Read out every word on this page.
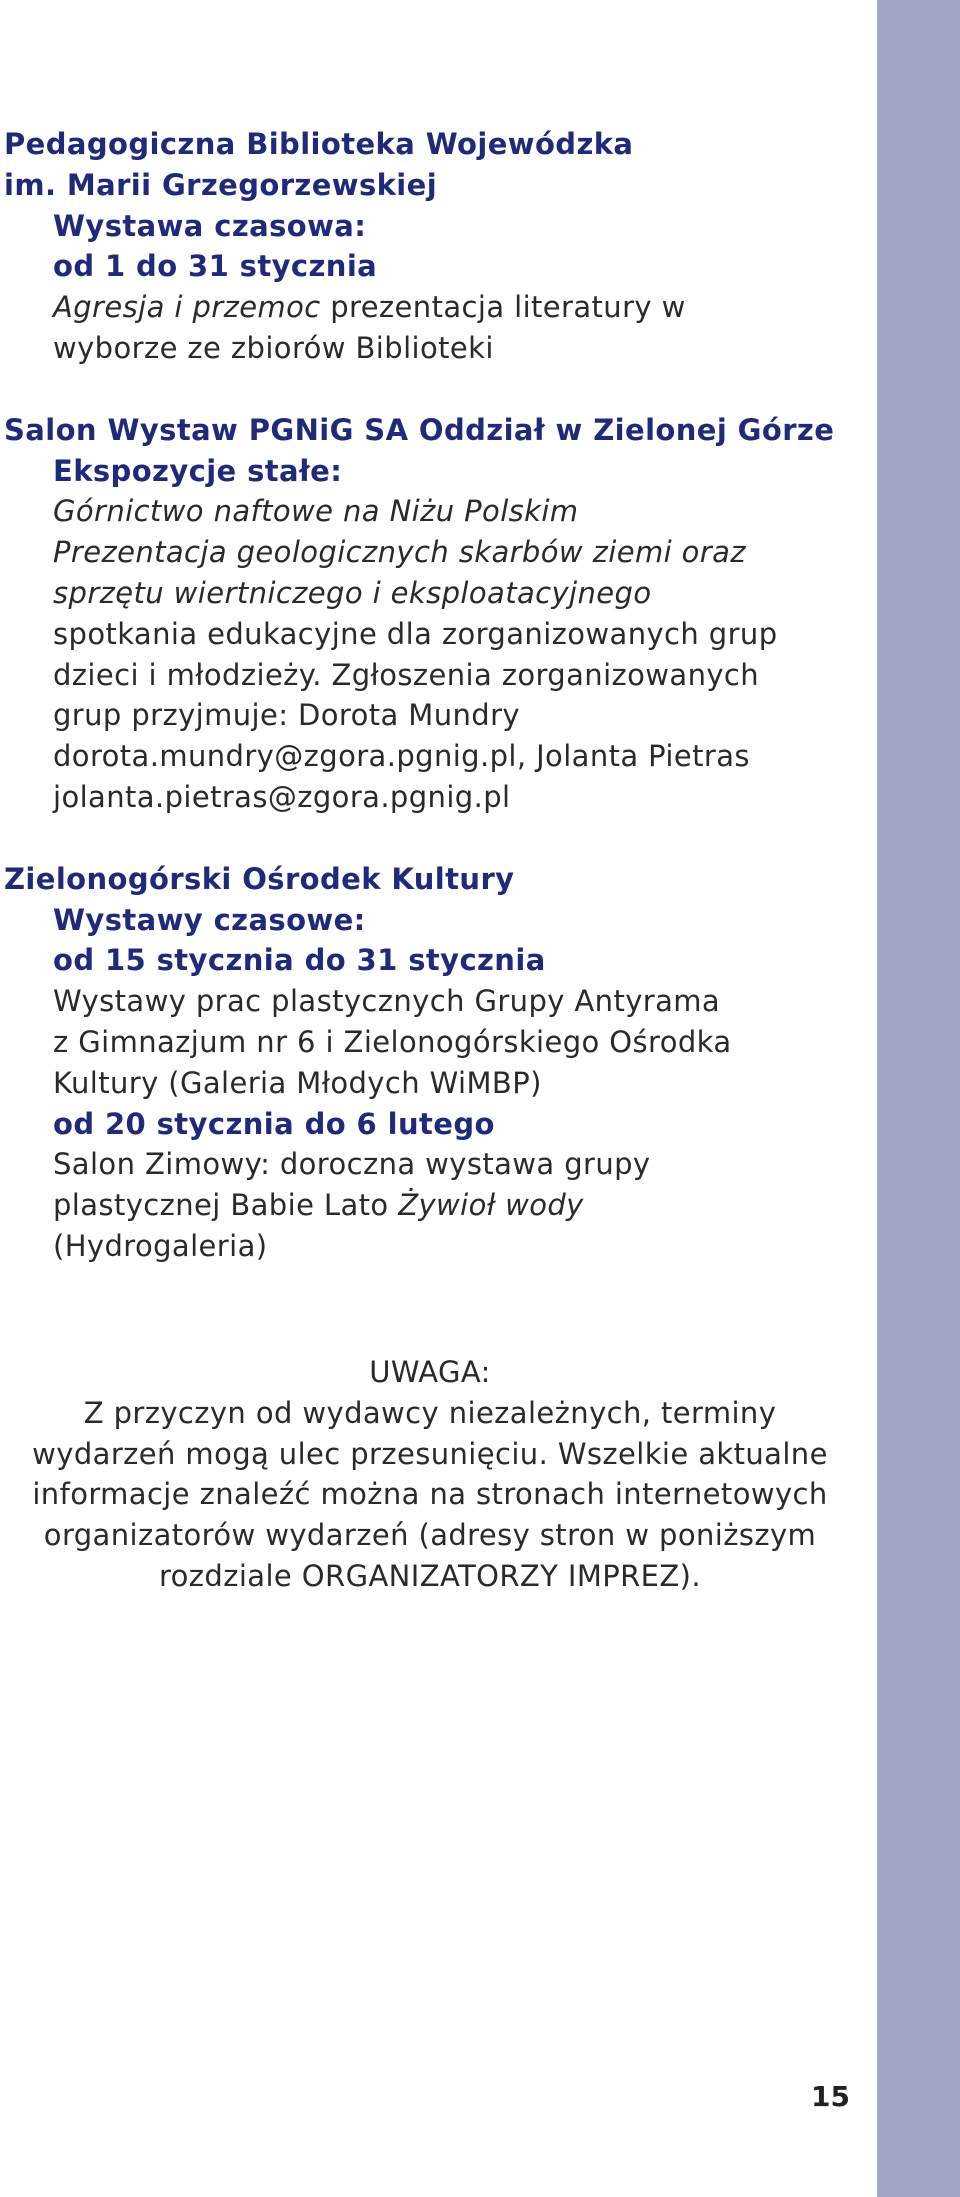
Pedagogiczna Biblioteka Wojewódzka
im. Marii Grzegorzewskiej
Wystawa czasowa:
od 1 do 31 stycznia
Agresja i przemoc prezentacja literatury w
wyborze ze zbiorów Biblioteki
Salon Wystaw PGNiG SA Oddział w Zielonej Górze
Ekspozycje stałe:
Górnictwo naftowe na Niżu Polskim
Prezentacja geologicznych skarbów ziemi oraz
sprzętu wiertniczego i eksploatacyjnego
spotkania edukacyjne dla zorganizowanych grup
dzieci i młodzieży. Zgłoszenia zorganizowanych
grup przyjmuje: Dorota Mundry
dorota.mundry@zgora.pgnig.pl, Jolanta Pietras
jolanta.pietras@zgora.pgnig.pl
Zielonogórski Ośrodek Kultury
Wystawy czasowe:
od 15 stycznia do 31 stycznia
Wystawy prac plastycznych Grupy Antyrama
z Gimnazjum nr 6 i Zielonogórskiego Ośrodka
Kultury (Galeria Młodych WiMBP)
od 20 stycznia do 6 lutego
Salon Zimowy: doroczna wystawa grupy
plastycznej Babie Lato Żywioł wody
(Hydrogaleria)
UWAGA:
Z przyczyn od wydawcy niezależnych, terminy
wydarzeń mogą ulec przesunięciu. Wszelkie aktualne
informacje znaleźć można na stronach internetowych
organizatorów wydarzeń (adresy stron w poniższym
rozdziale ORGANIZATORZY IMPREZ).
15
